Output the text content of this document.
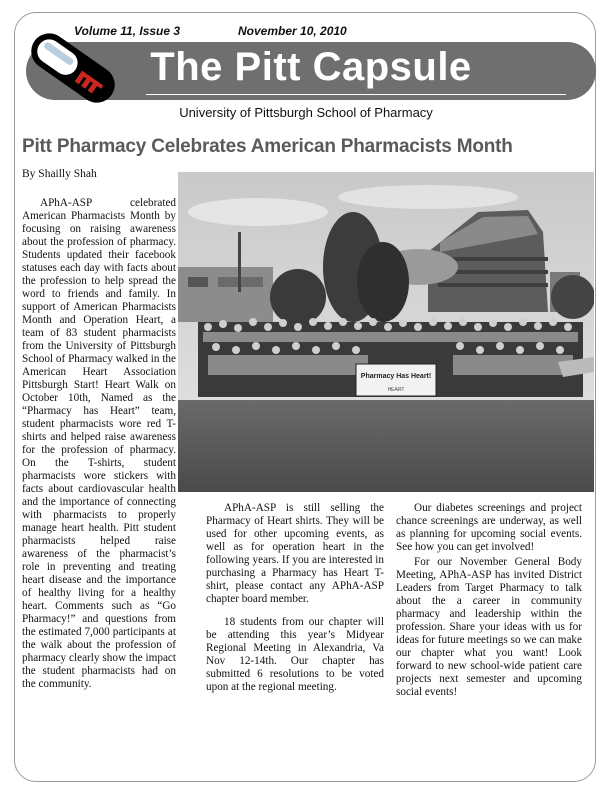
Volume 11, Issue 3	November 10, 2010
The Pitt Capsule
University of Pittsburgh School of Pharmacy
Pitt Pharmacy Celebrates American Pharmacists Month
By Shailly Shah
Pharmacy Has Heart!
HEART

APhA-ASP celebrated American Pharmacists Month by focusing on raising awareness about the profession of pharmacy. Students updated their facebook statuses each day with facts about the profession to help spread the word to friends and family. In support of American Pharmacists Month and Operation Heart, a team of 83 student pharmacists from the University of Pittsburgh School of Pharmacy walked in the American Heart Association Pittsburgh Start! Heart Walk on October 10th, Named as the “Pharmacy has Heart” team, student pharmacists wore red T-shirts and helped raise awareness for the profession of pharmacy. On the T-shirts, student pharmacists wore stickers with facts about cardiovascular health and the importance of connecting with pharmacists to properly manage heart health. Pitt student pharmacists helped raise awareness of the pharmacist’s role in preventing and treating heart disease and the importance of healthy living for a healthy heart. Comments such as “Go Pharmacy!” and questions from the estimated 7,000 participants at the walk about the profession of pharmacy clearly show the impact the student pharmacists had on the community.

APhA-ASP is still selling the Pharmacy of Heart shirts. They will be used for other upcoming events, as well as for operation heart in the following years. If you are interested in purchasing a Pharmacy has Heart T-shirt, please contact any APhA-ASP chapter board member.

18 students from our chapter will be attending this year’s Midyear Regional Meeting in Alexandria, Va Nov 12-14th. Our chapter has submitted 6 resolutions to be voted upon at the regional meeting.

Our diabetes screenings and project chance screenings are underway, as well as planning for upcoming social events. See how you can get involved!

For our November General Body Meeting, APhA-ASP has invited District Leaders from Target Pharmacy to talk about the a career in community pharmacy and leadership within the profession. Share your ideas with us for ideas for future meetings so we can make our chapter what you want! Look forward to new school-wide patient care projects next semester and upcoming social events!
